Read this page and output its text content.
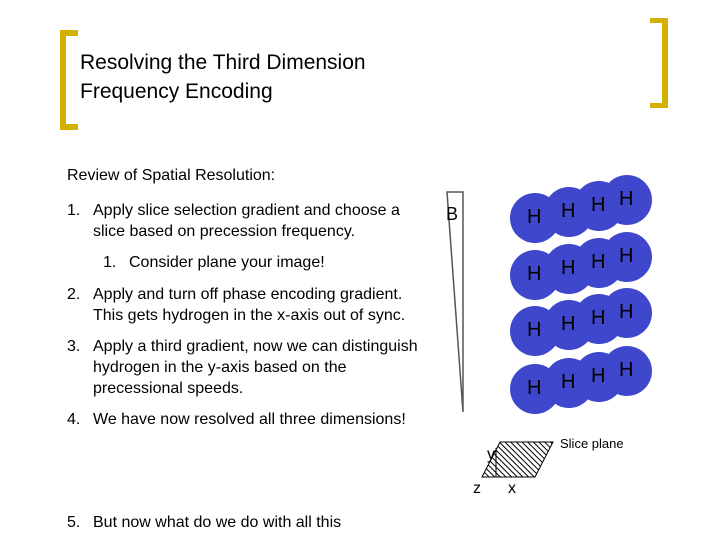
Resolving the Third Dimension
Frequency Encoding
Review of Spatial Resolution:
1. Apply slice selection gradient and choose a slice based on precession frequency.
1. Consider plane your image!
2. Apply and turn off phase encoding gradient. This gets hydrogen in the x-axis out of sync.
3. Apply a third gradient, now we can distinguish hydrogen in the y-axis based on the precessional speeds.
4. We have now resolved all three dimensions!
5. But now what do we do with all this
B	H H H H
H H H H
H H H H
H H H H
Slice plane
y
z x
